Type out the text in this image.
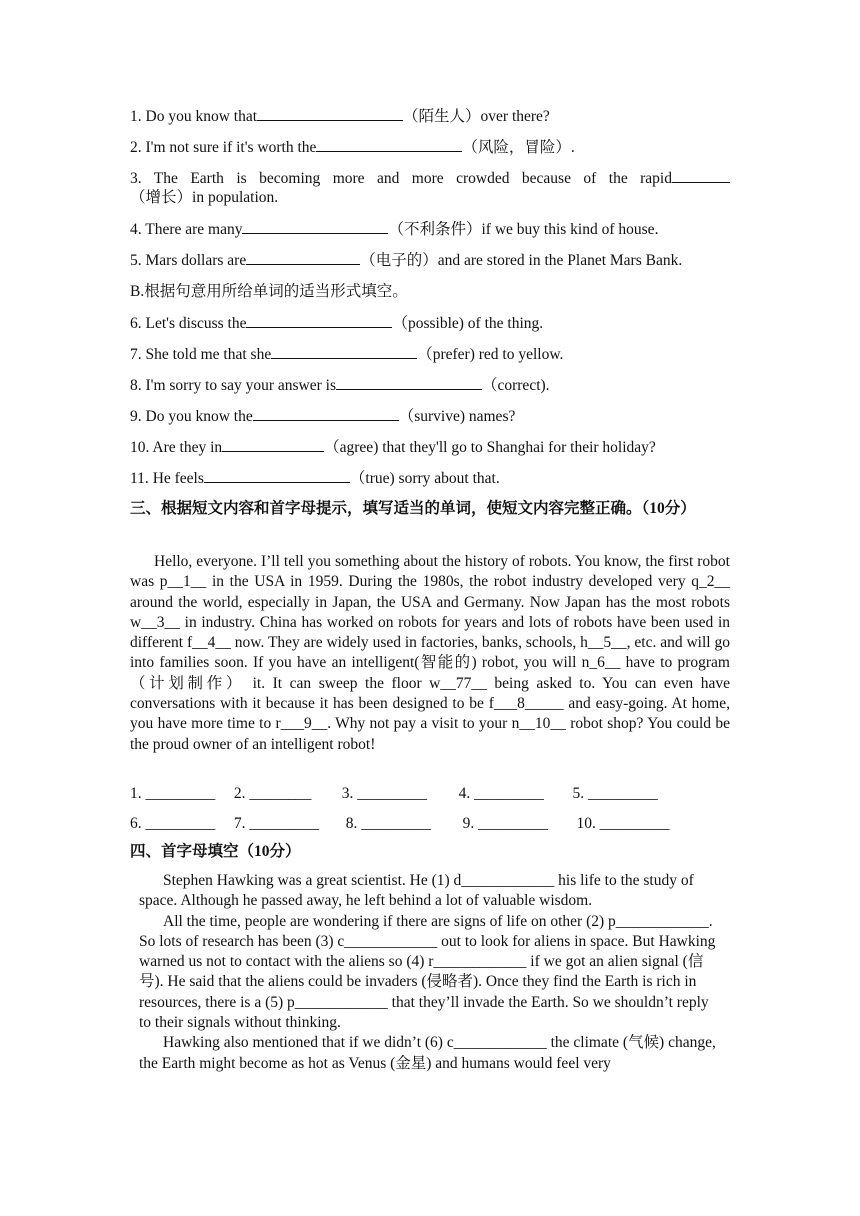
1. Do you know that	（陌生人）over there?
2. I'm not sure if it's worth the	（风险，冒险）.
3. The Earth is becoming more and more crowded because of the rapid
（增长）in population.
4. There are many	（不利条件）if we buy this kind of house.
5. Mars dollars are	（电子的）and are stored in the Planet Mars Bank.
B.根据句意用所给单词的适当形式填空。
6. Let's discuss the	（possible) of the thing.
7. She told me that she	（prefer) red to yellow.
8. I'm sorry to say your answer is	（correct).
9. Do you know the	（survive) names?
10. Are they in	（agree) that they'll go to Shanghai for their holiday?
11. He feels	（true) sorry about that.
三、根据短文内容和首字母提示，填写适当的单词，使短文内容完整正确。（10分）

Hello, everyone. I’ll tell you something about the history of robots. You know, the first robot was p__1__ in the USA in 1959. During the 1980s, the robot industry developed very q_2__ around the world, especially in Japan, the USA and Germany. Now Japan has the most robots w__3__ in industry. China has worked on robots for years and lots of robots have been used in different f__4__ now. They are widely used in factories, banks, schools, h__5__, etc. and will go into families soon. If you have an intelligent(智能的) robot, you will n_6__ have to program（计划制作） it. It can sweep the floor w__77__ being asked to. You can even have conversations with it because it has been designed to be f___8_____ and easy-going. At home, you have more time to r___9__. Why not pay a visit to your n__10__ robot shop? You could be the proud owner of an intelligent robot!

1. _________ 2. ________ 3. _________ 4. _________ 5. _________
6. _________ 7. _________ 8. _________ 9. _________ 10. _________
四、首字母填空（10分）

Stephen Hawking was a great scientist. He (1) d____________ his life to the study of space. Although he passed away, he left behind a lot of valuable wisdom.

All the time, people are wondering if there are signs of life on other (2) p____________. So lots of research has been (3) c____________ out to look for aliens in space. But Hawking warned us not to contact with the aliens so (4) r____________ if we got an alien signal (信号). He said that the aliens could be invaders (侵略者). Once they find the Earth is rich in resources, there is a (5) p____________ that they’ll invade the Earth. So we shouldn’t reply to their signals without thinking.

Hawking also mentioned that if we didn’t (6) c____________ the climate (气候) change, the Earth might become as hot as Venus (金星) and humans would feel very
